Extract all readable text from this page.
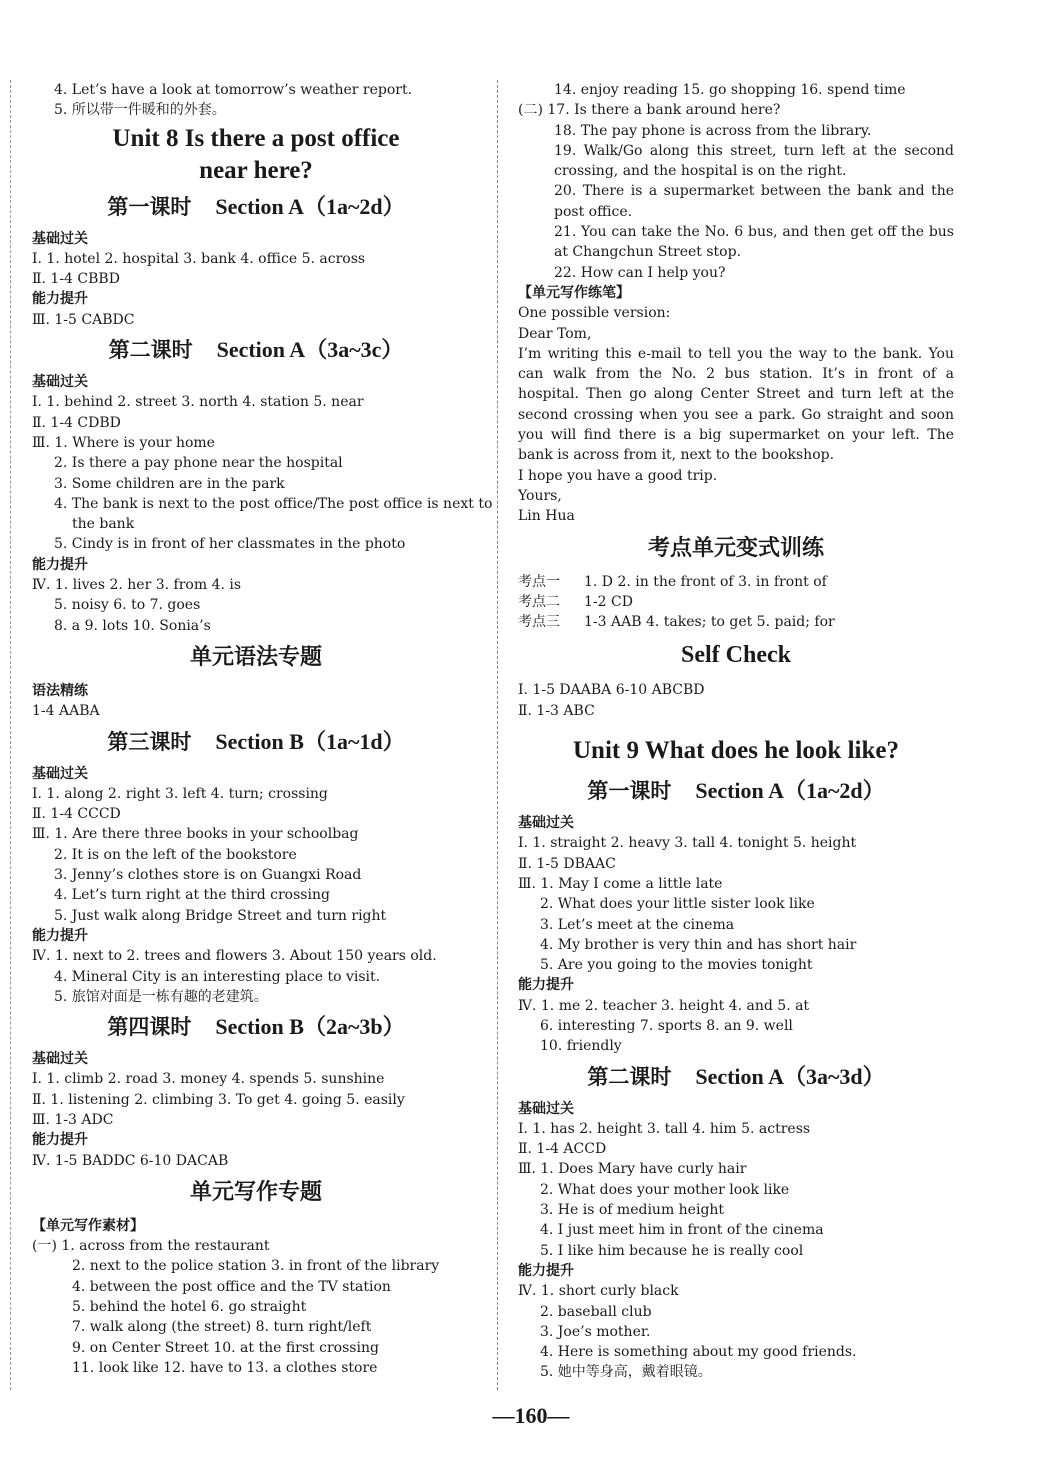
4. Let’s have a look at tomorrow’s weather report.
5. 所以带一件暖和的外套。
Unit 8 Is there a post office
near here?
第一课时 Section A（1a~2d）
基础过关
Ⅰ. 1. hotel 2. hospital 3. bank 4. office 5. across
Ⅱ. 1-4 CBBD
能力提升
Ⅲ. 1-5 CABDC
第二课时 Section A（3a~3c）
基础过关
Ⅰ. 1. behind 2. street 3. north 4. station 5. near
Ⅱ. 1-4 CDBD
Ⅲ. 1. Where is your home
2. Is there a pay phone near the hospital
3. Some children are in the park
4. The bank is next to the post office/The post office is next to
the bank
5. Cindy is in front of her classmates in the photo
能力提升
Ⅳ. 1. lives 2. her 3. from 4. is
5. noisy 6. to 7. goes
8. a 9. lots 10. Sonia’s
单元语法专题
语法精练
1-4 AABA
第三课时 Section B（1a~1d）
基础过关
Ⅰ. 1. along 2. right 3. left 4. turn; crossing
Ⅱ. 1-4 CCCD
Ⅲ. 1. Are there three books in your schoolbag
2. It is on the left of the bookstore
3. Jenny’s clothes store is on Guangxi Road
4. Let’s turn right at the third crossing
5. Just walk along Bridge Street and turn right
能力提升
Ⅳ. 1. next to 2. trees and flowers 3. About 150 years old.
4. Mineral City is an interesting place to visit.
5. 旅馆对面是一栋有趣的老建筑。
第四课时 Section B（2a~3b）
基础过关
Ⅰ. 1. climb 2. road 3. money 4. spends 5. sunshine
Ⅱ. 1. listening 2. climbing 3. To get 4. going 5. easily
Ⅲ. 1-3 ADC
能力提升
Ⅳ. 1-5 BADDC 6-10 DACAB
单元写作专题
【单元写作素材】
(一) 1. across from the restaurant
2. next to the police station 3. in front of the library
4. between the post office and the TV station
5. behind the hotel 6. go straight
7. walk along (the street) 8. turn right/left
9. on Center Street 10. at the first crossing
11. look like 12. have to 13. a clothes store
14. enjoy reading 15. go shopping 16. spend time
(二) 17. Is there a bank around here?
18. The pay phone is across from the library.
19. Walk/Go along this street, turn left at the second crossing, and the hospital is on the right.
20. There is a supermarket between the bank and the post office.
21. You can take the No. 6 bus, and then get off the bus at Changchun Street stop.
22. How can I help you?
【单元写作练笔】
One possible version:
Dear Tom,
I’m writing this e-mail to tell you the way to the bank. You can walk from the No. 2 bus station. It’s in front of a hospital. Then go along Center Street and turn left at the second crossing when you see a park. Go straight and soon you will find there is a big supermarket on your left. The bank is across from it, next to the bookshop.
I hope you have a good trip.
Yours,
Lin Hua
考点单元变式训练
考点一 1. D 2. in the front of 3. in front of
考点二 1-2 CD
考点三 1-3 AAB 4. takes; to get 5. paid; for
Self Check
Ⅰ. 1-5 DAABA 6-10 ABCBD
Ⅱ. 1-3 ABC
Unit 9 What does he look like?
第一课时 Section A（1a~2d）
基础过关
Ⅰ. 1. straight 2. heavy 3. tall 4. tonight 5. height
Ⅱ. 1-5 DBAAC
Ⅲ. 1. May I come a little late
2. What does your little sister look like
3. Let’s meet at the cinema
4. My brother is very thin and has short hair
5. Are you going to the movies tonight
能力提升
Ⅳ. 1. me 2. teacher 3. height 4. and 5. at
6. interesting 7. sports 8. an 9. well
10. friendly
第二课时 Section A（3a~3d）
基础过关
Ⅰ. 1. has 2. height 3. tall 4. him 5. actress
Ⅱ. 1-4 ACCD
Ⅲ. 1. Does Mary have curly hair
2. What does your mother look like
3. He is of medium height
4. I just meet him in front of the cinema
5. I like him because he is really cool
能力提升
Ⅳ. 1. short curly black
2. baseball club
3. Joe’s mother.
4. Here is something about my good friends.
5. 她中等身高，戴着眼镜。
—160—
